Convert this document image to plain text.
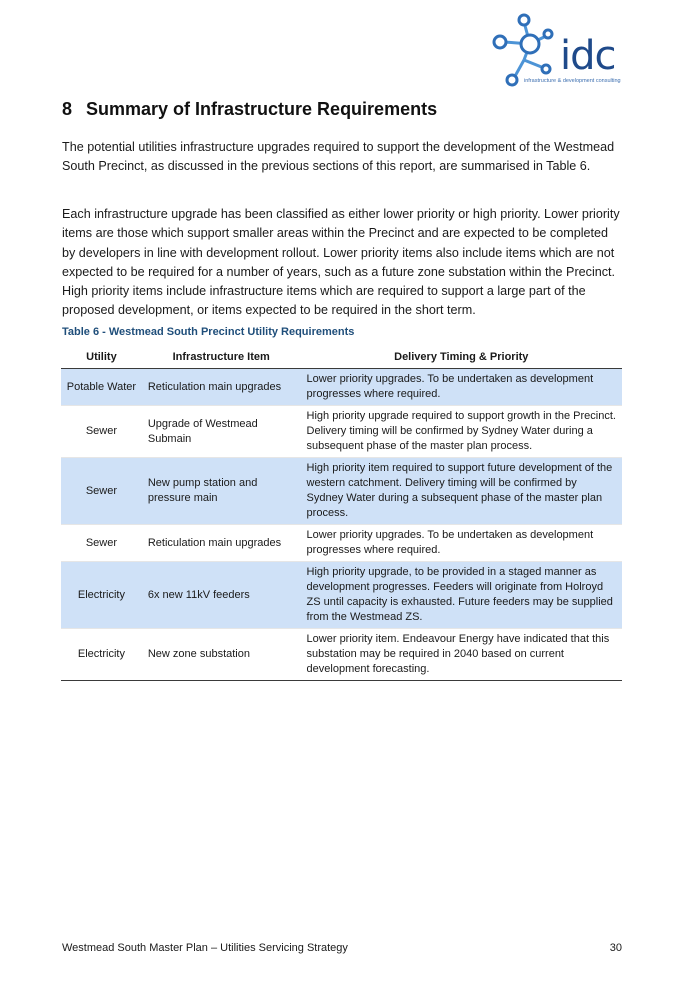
idc
infrastructure & development consulting
8 Summary of Infrastructure Requirements

The potential utilities infrastructure upgrades required to support the development of the Westmead South Precinct, as discussed in the previous sections of this report, are summarised in Table 6.

Each infrastructure upgrade has been classified as either lower priority or high priority. Lower priority items are those which support smaller areas within the Precinct and are expected to be completed by developers in line with development rollout. Lower priority items also include items which are not expected to be required for a number of years, such as a future zone substation within the Precinct. High priority items include infrastructure items which are required to support a large part of the proposed development, or items expected to be required in the short term.

Table 6 - Westmead South Precinct Utility Requirements
Utility	Infrastructure Item	Delivery Timing & Priority
Potable Water	Reticulation main upgrades	Lower priority upgrades. To be undertaken as development progresses where required.
Sewer	Upgrade of Westmead Submain	High priority upgrade required to support growth in the Precinct. Delivery timing will be confirmed by Sydney Water during a subsequent phase of the master plan process.
Sewer	New pump station and pressure main	High priority item required to support future development of the western catchment. Delivery timing will be confirmed by Sydney Water during a subsequent phase of the master plan process.
Sewer	Reticulation main upgrades	Lower priority upgrades. To be undertaken as development progresses where required.
Electricity	6x new 11kV feeders	High priority upgrade, to be provided in a staged manner as development progresses. Feeders will originate from Holroyd ZS until capacity is exhausted. Future feeders may be supplied from the Westmead ZS.
Electricity	New zone substation	Lower priority item. Endeavour Energy have indicated that this substation may be required in 2040 based on current development forecasting.
Westmead South Master Plan – Utilities Servicing Strategy	30
